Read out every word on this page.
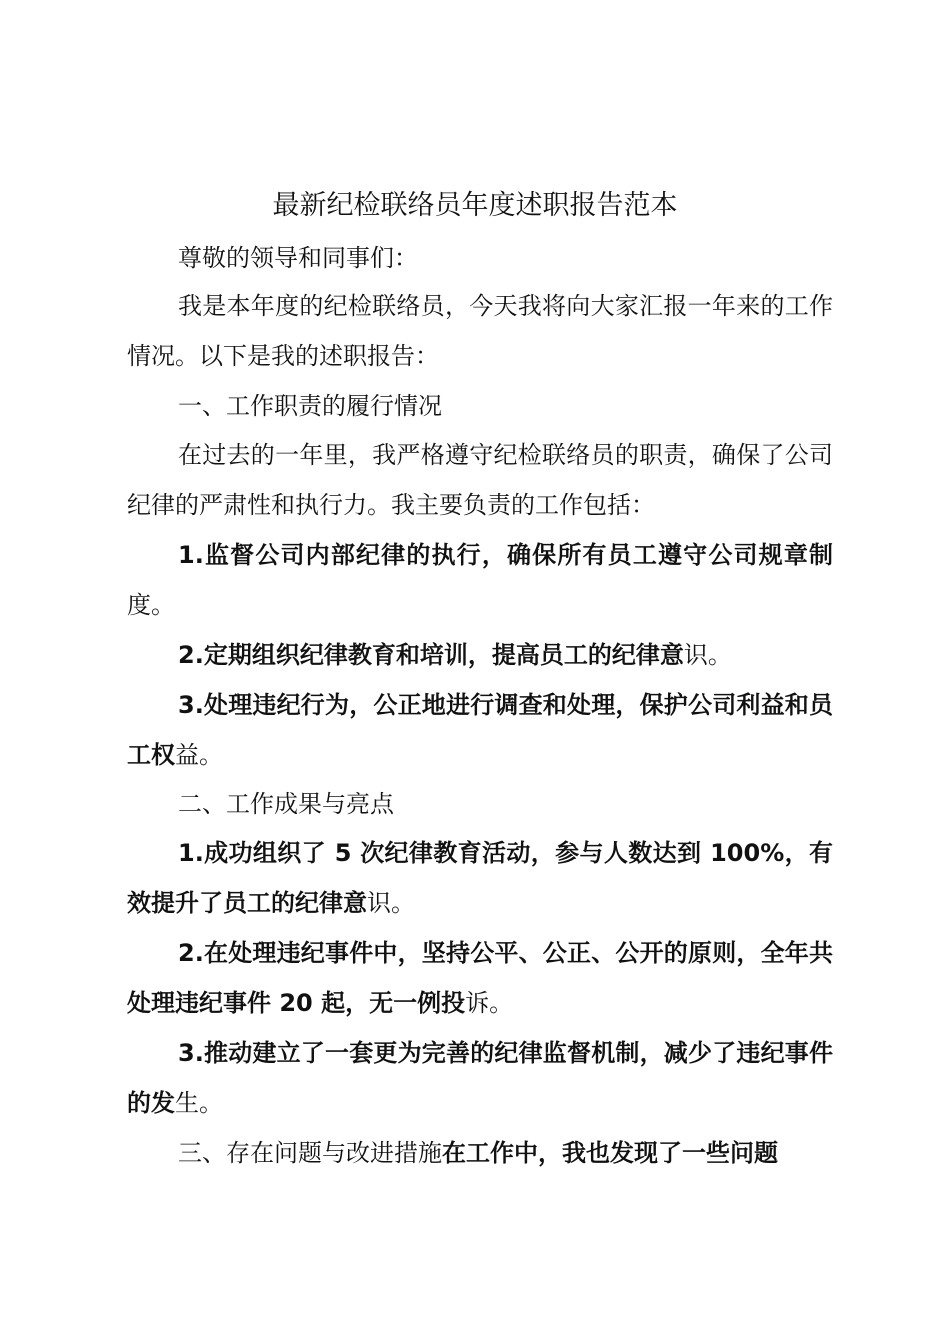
最新纪检联络员年度述职报告范本

尊敬的领导和同事们：

我是本年度的纪检联络员，今天我将向大家汇报一年来的工作情况。以下是我的述职报告：

一、工作职责的履行情况

在过去的一年里，我严格遵守纪检联络员的职责，确保了公司纪律的严肃性和执行力。我主要负责的工作包括：

1.监督公司内部纪律的执行，确保所有员工遵守公司规章制度。

2.定期组织纪律教育和培训，提高员工的纪律意识。

3.处理违纪行为，公正地进行调查和处理，保护公司利益和员工权益。

二、工作成果与亮点

1.成功组织了 5 次纪律教育活动，参与人数达到 100%，有效提升了员工的纪律意识。

2.在处理违纪事件中，坚持公平、公正、公开的原则，全年共处理违纪事件 20 起，无一例投诉。

3.推动建立了一套更为完善的纪律监督机制，减少了违纪事件的发生。

三、存在问题与改进措施在工作中，我也发现了一些问题
